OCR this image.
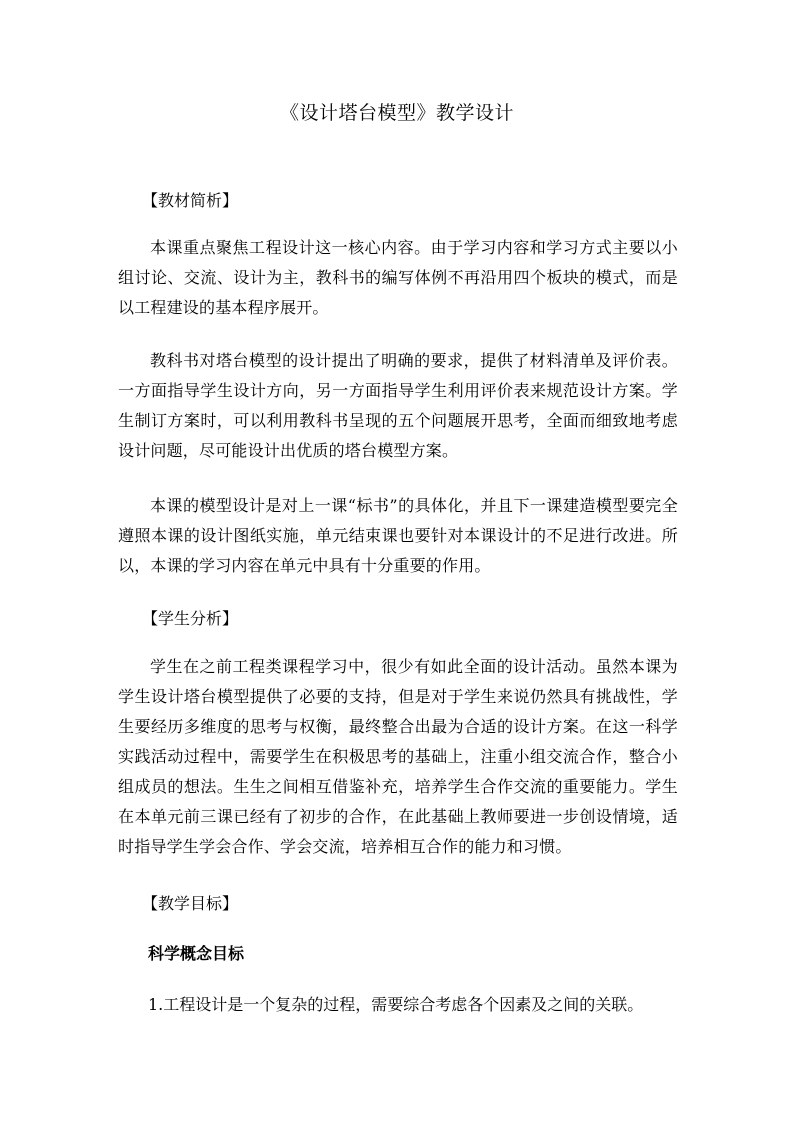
《设计塔台模型》教学设计

【教材简析】

本课重点聚焦工程设计这一核心内容。由于学习内容和学习方式主要以小组讨论、交流、设计为主，教科书的编写体例不再沿用四个板块的模式，而是以工程建设的基本程序展开。

教科书对塔台模型的设计提出了明确的要求，提供了材料清单及评价表。一方面指导学生设计方向，另一方面指导学生利用评价表来规范设计方案。学生制订方案时，可以利用教科书呈现的五个问题展开思考，全面而细致地考虑设计问题，尽可能设计出优质的塔台模型方案。

本课的模型设计是对上一课“标书”的具体化，并且下一课建造模型要完全遵照本课的设计图纸实施，单元结束课也要针对本课设计的不足进行改进。所以，本课的学习内容在单元中具有十分重要的作用。

【学生分析】

学生在之前工程类课程学习中，很少有如此全面的设计活动。虽然本课为学生设计塔台模型提供了必要的支持，但是对于学生来说仍然具有挑战性，学生要经历多维度的思考与权衡，最终整合出最为合适的设计方案。在这一科学实践活动过程中，需要学生在积极思考的基础上，注重小组交流合作，整合小组成员的想法。生生之间相互借鉴补充，培养学生合作交流的重要能力。学生在本单元前三课已经有了初步的合作，在此基础上教师要进一步创设情境，适时指导学生学会合作、学会交流，培养相互合作的能力和习惯。

【教学目标】

科学概念目标

1.工程设计是一个复杂的过程，需要综合考虑各个因素及之间的关联。
